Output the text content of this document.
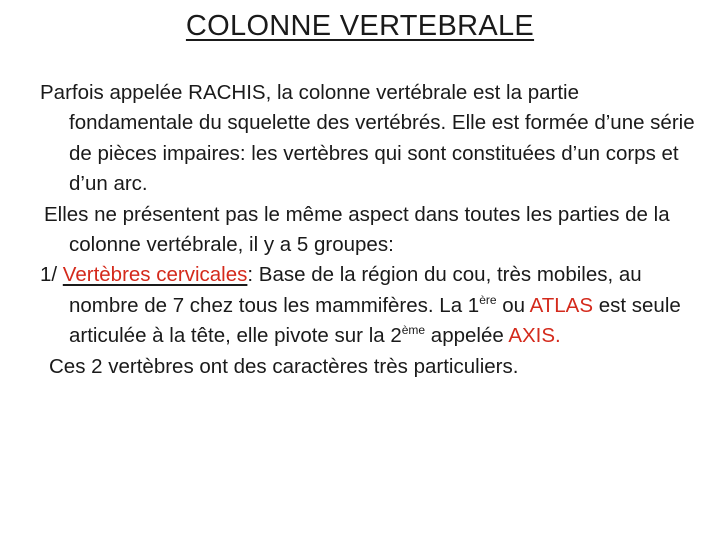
COLONNE VERTEBRALE

Parfois appelée RACHIS, la colonne vertébrale est la partie fondamentale du squelette des vertébrés. Elle est formée d’une série de pièces impaires: les vertèbres qui sont constituées d’un corps et d’un arc.

Elles ne présentent pas le même aspect dans toutes les parties de la colonne vertébrale, il y a 5 groupes:

1/ Vertèbres cervicales: Base de la région du cou, très mobiles, au nombre de 7 chez tous les mammifères. La 1ère ou ATLAS est seule articulée à la tête, elle pivote sur la 2ème appelée AXIS.

Ces 2 vertèbres ont des caractères très particuliers.
